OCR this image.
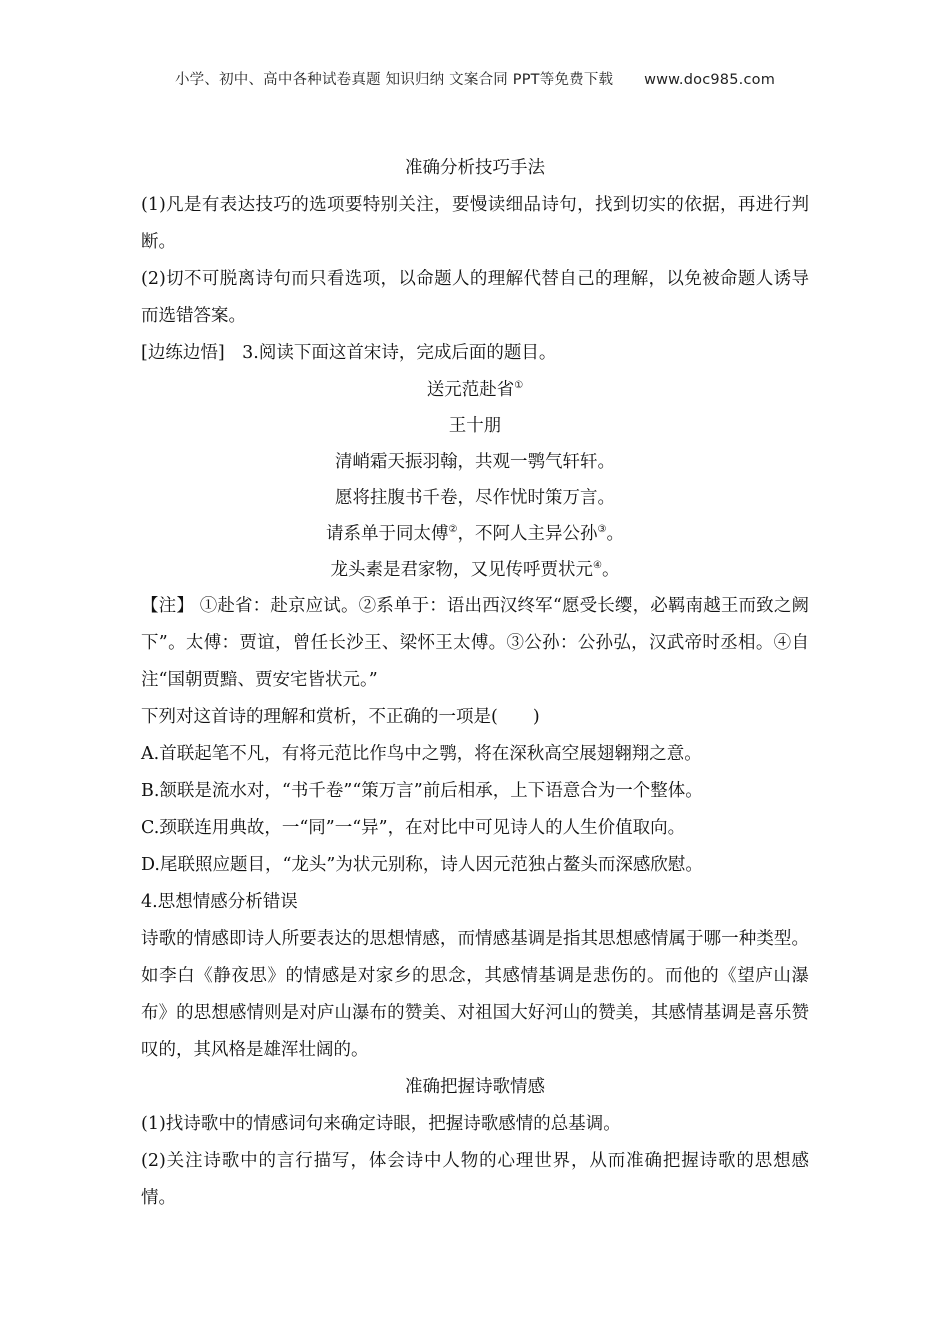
小学、初中、高中各种试卷真题 知识归纳 文案合同 PPT等免费下载 www.doc985.com

准确分析技巧手法

(1)凡是有表达技巧的选项要特别关注，要慢读细品诗句，找到切实的依据，再进行判断。

(2)切不可脱离诗句而只看选项，以命题人的理解代替自己的理解，以免被命题人诱导而选错答案。

[边练边悟]　3.阅读下面这首宋诗，完成后面的题目。

送元范赴省①

王十朋

清峭霜天振羽翰，共观一鹗气轩轩。

愿将拄腹书千卷，尽作忧时策万言。

请系单于同太傅②，不阿人主异公孙③。

龙头素是君家物，又见传呼贾状元④。

【注】 ①赴省：赴京应试。②系单于：语出西汉终军“愿受长缨，必羁南越王而致之阙下”。太傅：贾谊，曾任长沙王、梁怀王太傅。③公孙：公孙弘，汉武帝时丞相。④自注“国朝贾黯、贾安宅皆状元。”

下列对这首诗的理解和赏析，不正确的一项是(　　)

A.首联起笔不凡，有将元范比作鸟中之鹗，将在深秋高空展翅翱翔之意。

B.颔联是流水对，“书千卷”“策万言”前后相承，上下语意合为一个整体。

C.颈联连用典故，一“同”一“异”，在对比中可见诗人的人生价值取向。

D.尾联照应题目，“龙头”为状元别称，诗人因元范独占鳌头而深感欣慰。

4.思想情感分析错误

诗歌的情感即诗人所要表达的思想情感，而情感基调是指其思想感情属于哪一种类型。如李白《静夜思》的情感是对家乡的思念，其感情基调是悲伤的。而他的《望庐山瀑布》的思想感情则是对庐山瀑布的赞美、对祖国大好河山的赞美，其感情基调是喜乐赞叹的，其风格是雄浑壮阔的。

准确把握诗歌情感

(1)找诗歌中的情感词句来确定诗眼，把握诗歌感情的总基调。

(2)关注诗歌中的言行描写，体会诗中人物的心理世界，从而准确把握诗歌的思想感情。
